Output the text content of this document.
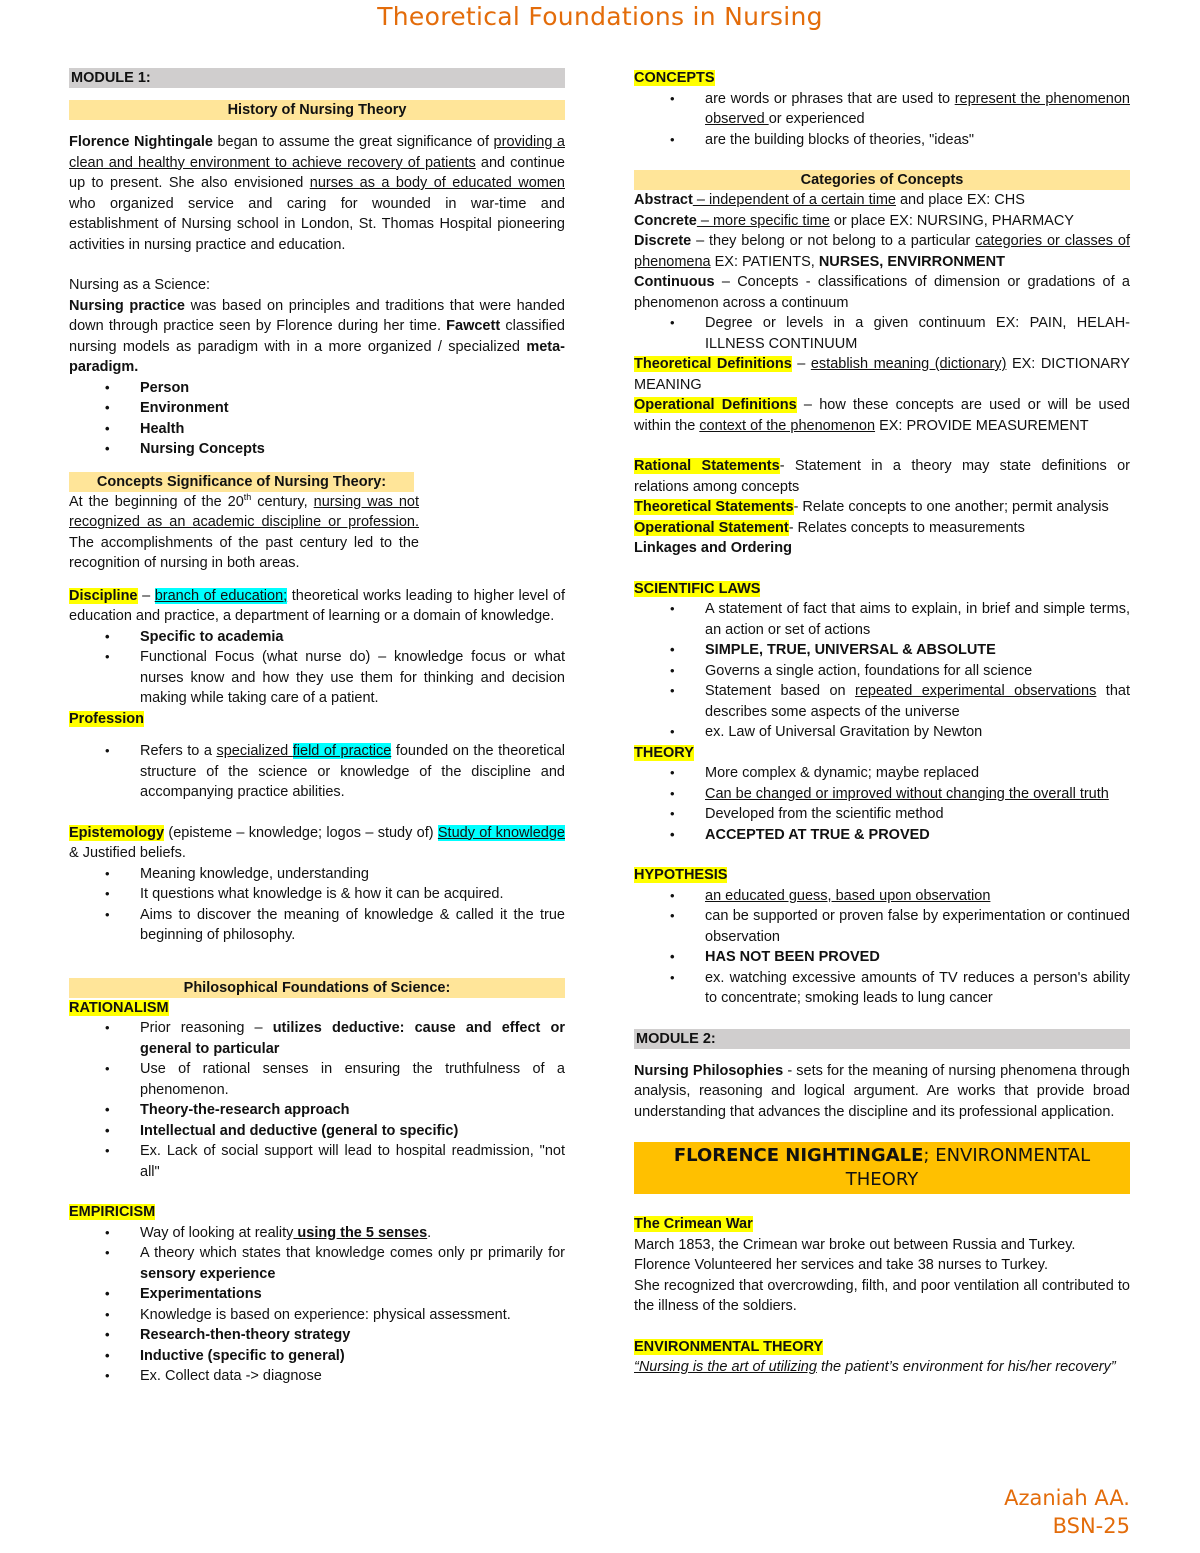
Theoretical Foundations in Nursing
MODULE 1:
History of Nursing Theory

Florence Nightingale began to assume the great significance of providing a clean and healthy environment to achieve recovery of patients and continue up to present. She also envisioned nurses as a body of educated women who organized service and caring for wounded in war-time and establishment of Nursing school in London, St. Thomas Hospital pioneering activities in nursing practice and education.

Nursing as a Science:

Nursing practice was based on principles and traditions that were handed down through practice seen by Florence during her time. Fawcett classified nursing models as paradigm with in a more organized / specialized meta-paradigm.

• Person
• Environment
• Health
• Nursing Concepts
Concepts Significance of Nursing Theory:

At the beginning of the 20th century, nursing was not recognized as an academic discipline or profession. The accomplishments of the past century led to the recognition of nursing in both areas.

Discipline – branch of education; theoretical works leading to higher level of education and practice, a department of learning or a domain of knowledge.

• Specific to academia
• Functional Focus (what nurse do) – knowledge focus or what nurses know and how they use them for thinking and decision making while taking care of a patient.

Profession

• Refers to a specialized field of practice founded on the theoretical structure of the science or knowledge of the discipline and accompanying practice abilities.

Epistemology (episteme – knowledge; logos – study of) Study of knowledge & Justified beliefs.

• Meaning knowledge, understanding
• It questions what knowledge is & how it can be acquired.
• Aims to discover the meaning of knowledge & called it the true beginning of philosophy.
Philosophical Foundations of Science:

RATIONALISM

• Prior reasoning – utilizes deductive: cause and effect or general to particular
• Use of rational senses in ensuring the truthfulness of a phenomenon.
• Theory-the-research approach
• Intellectual and deductive (general to specific)
• Ex. Lack of social support will lead to hospital readmission, "not all"

EMPIRICISM

• Way of looking at reality using the 5 senses.
• A theory which states that knowledge comes only pr primarily for sensory experience
• Experimentations
• Knowledge is based on experience: physical assessment.
• Research-then-theory strategy
• Inductive (specific to general)
• Ex. Collect data -> diagnose

CONCEPTS

• are words or phrases that are used to represent the phenomenon observed or experienced
• are the building blocks of theories, "ideas"
Categories of Concepts

Abstract – independent of a certain time and place EX: CHS

Concrete – more specific time or place EX: NURSING, PHARMACY

Discrete – they belong or not belong to a particular categories or classes of phenomena EX: PATIENTS, NURSES, ENVIRRONMENT

Continuous – Concepts - classifications of dimension or gradations of a phenomenon across a continuum

• Degree or levels in a given continuum EX: PAIN, HELAH-ILLNESS CONTINUUM

Theoretical Definitions – establish meaning (dictionary) EX: DICTIONARY MEANING

Operational Definitions – how these concepts are used or will be used within the context of the phenomenon EX: PROVIDE MEASUREMENT

Rational Statements- Statement in a theory may state definitions or relations among concepts

Theoretical Statements- Relate concepts to one another; permit analysis

Operational Statement- Relates concepts to measurements

Linkages and Ordering

SCIENTIFIC LAWS

• A statement of fact that aims to explain, in brief and simple terms, an action or set of actions
• SIMPLE, TRUE, UNIVERSAL & ABSOLUTE
• Governs a single action, foundations for all science
• Statement based on repeated experimental observations that describes some aspects of the universe
• ex. Law of Universal Gravitation by Newton

THEORY

• More complex & dynamic; maybe replaced
• Can be changed or improved without changing the overall truth
• Developed from the scientific method
• ACCEPTED AT TRUE & PROVED

HYPOTHESIS

• an educated guess, based upon observation
• can be supported or proven false by experimentation or continued observation
• HAS NOT BEEN PROVED
• ex. watching excessive amounts of TV reduces a person's ability to concentrate; smoking leads to lung cancer
MODULE 2:

Nursing Philosophies - sets for the meaning of nursing phenomena through analysis, reasoning and logical argument. Are works that provide broad understanding that advances the discipline and its professional application.

FLORENCE NIGHTINGALE; ENVIRONMENTAL THEORY

The Crimean War

March 1853, the Crimean war broke out between Russia and Turkey.

Florence Volunteered her services and take 38 nurses to Turkey.

She recognized that overcrowding, filth, and poor ventilation all contributed to the illness of the soldiers.

ENVIRONMENTAL THEORY

“Nursing is the art of utilizing the patient’s environment for his/her recovery”

Azaniah AA.
BSN-25
